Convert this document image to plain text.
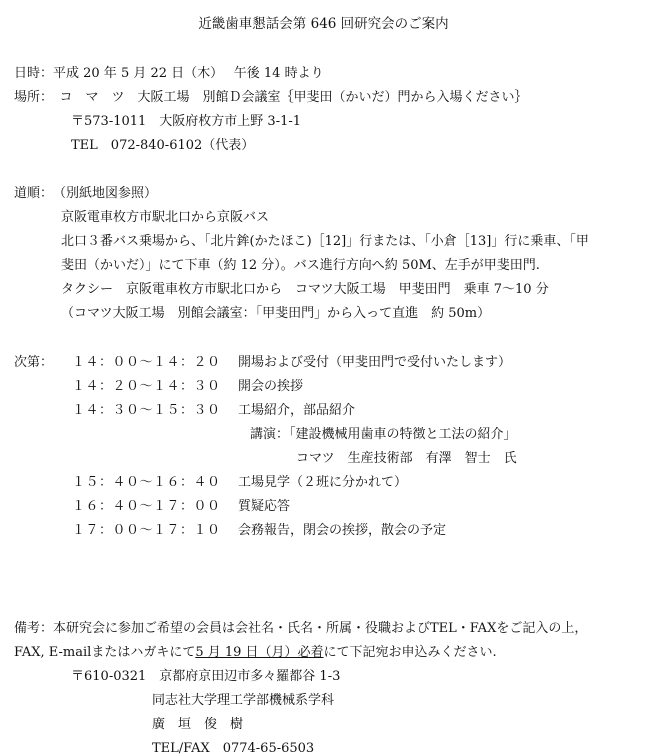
近畿歯車懇話会第 646 回研究会のご案内
日時：平成 20 年 5 月 22 日（木）　 午後 14 時より
場所：　コ　マ　ツ　大阪工場　別館Ｄ会議室｛甲斐田（かいだ）門から入場ください｝
〒573-1011　大阪府枚方市上野 3-1-1
TEL　072-840-6102（代表）
道順：　（別紙地図参照）
京阪電車枚方市駅北口から京阪バス
北口３番バス乗場から、「北片鉾(かたほこ)［12]」行または、「小倉［13]」行に乗車、「甲
斐田（かいだ）」にて下車（約 12 分）。バス進行方向へ約 50M、左手が甲斐田門.
タクシー　京阪電車枚方市駅北口から　コマツ大阪工場　甲斐田門　乗車 7〜10 分
（コマツ大阪工場　別館会議室：「甲斐田門」から入って直進　約 50m）
次第： １４：００〜１４：２０ 開場および受付（甲斐田門で受付いたします）
１４：２０〜１４：３０ 開会の挨拶
１４：３０〜１５：３０ 工場紹介，部品紹介
講演：「建設機械用歯車の特徴と工法の紹介」
コマツ　生産技術部　有澤　智士　氏
１５：４０〜１６：４０ 工場見学（２班に分かれて）
１６：４０〜１７：００ 質疑応答
１７：００〜１７：１０ 会務報告，閉会の挨拶，散会の予定
備考：本研究会に参加ご希望の会員は会社名・氏名・所属・役職およびTEL・FAXをご記入の上，
FAX, E-mailまたはハガキにて5 月 19 日（月）必着にて下記宛お申込みください.
〒610-0321　京都府京田辺市多々羅都谷 1-3
同志社大学理工学部機械系学科
廣　垣　俊　樹
TEL/FAX　0774-65-6503
